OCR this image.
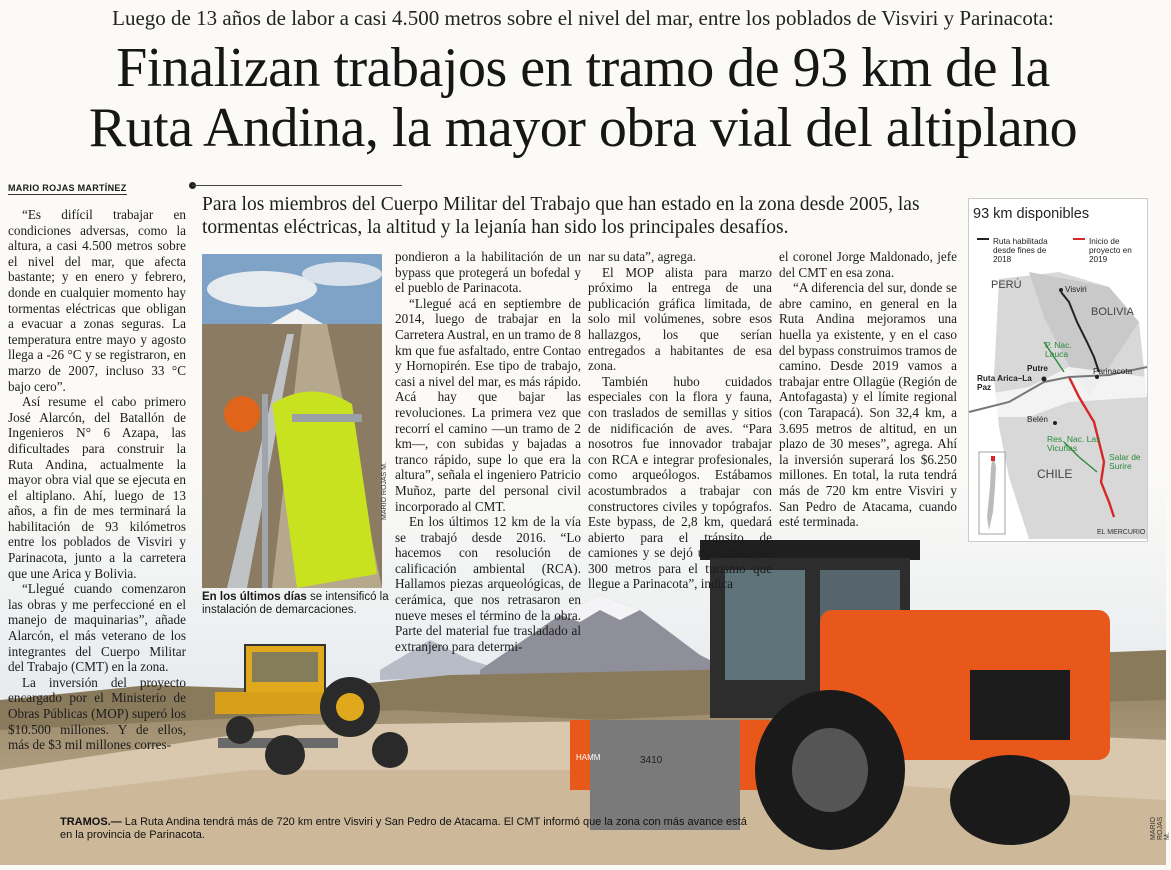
Luego de 13 años de labor a casi 4.500 metros sobre el nivel del mar, entre los poblados de Visviri y Parinacota:
Finalizan trabajos en tramo de 93 km de la
Ruta Andina, la mayor obra vial del altiplano
3410
HAMM
MARIO ROJAS MARTÍNEZ
Para los miembros del Cuerpo Militar del Trabajo que han estado en la zona desde 2005, las tormentas eléctricas, la altitud y la lejanía han sido los principales desafíos.

“Es difícil trabajar en condiciones adversas, como la altura, a casi 4.500 metros sobre el nivel del mar, que afecta bastante; y en enero y febrero, donde en cualquier momento hay tormentas eléctricas que obligan a evacuar a zonas seguras. La temperatura entre mayo y agosto llega a -26 °C y se registraron, en marzo de 2007, incluso 33 °C bajo cero”.

Así resume el cabo primero José Alarcón, del Batallón de Ingenieros N° 6 Azapa, las dificultades para construir la Ruta Andina, actualmente la mayor obra vial que se ejecuta en el altiplano. Ahí, luego de 13 años, a fin de mes terminará la habilitación de 93 kilómetros entre los poblados de Visviri y Parinacota, junto a la carretera que une Arica y Bolivia.

“Llegué cuando comenzaron las obras y me perfeccioné en el manejo de maquinarias”, añade Alarcón, el más veterano de los integrantes del Cuerpo Militar del Trabajo (CMT) en la zona.

La inversión del proyecto encargado por el Ministerio de Obras Públicas (MOP) superó los $10.500 millones. Y de ellos, más de $3 mil millones corres-

MARIO ROJAS M.
En los últimos días se intensificó la instalación de demarcaciones.

pondieron a la habilitación de un bypass que protegerá un bofedal y el pueblo de Parinacota.

“Llegué acá en septiembre de 2014, luego de trabajar en la Carretera Austral, en un tramo de 8 km que fue asfaltado, entre Contao y Hornopirén. Ese tipo de trabajo, casi a nivel del mar, es más rápido. Acá hay que bajar las revoluciones. La primera vez que recorrí el camino —un tramo de 2 km—, con subidas y bajadas a tranco rápido, supe lo que era la altura”, señala el ingeniero Patricio Muñoz, parte del personal civil incorporado al CMT.

En los últimos 12 km de la vía se trabajó desde 2016. “Lo hacemos con resolución de calificación ambiental (RCA). Hallamos piezas arqueológicas, de cerámica, que nos retrasaron en nueve meses el término de la obra. Parte del material fue trasladado al extranjero para determi-

nar su data”, agrega.

El MOP alista para marzo próximo la entrega de una publicación gráfica limitada, de solo mil volúmenes, sobre esos hallazgos, los que serían entregados a habitantes de esa zona.

También hubo cuidados especiales con la flora y fauna, con traslados de semillas y sitios de nidificación de aves. “Para nosotros fue innovador trabajar con RCA e integrar profesionales, como arqueólogos. Estábamos acostumbrados a trabajar con constructores civiles y topógrafos. Este bypass, de 2,8 km, quedará abierto para el tránsito de camiones y se dejó un camino de 300 metros para el turismo que llegue a Parinacota”, indica

el coronel Jorge Maldonado, jefe del CMT en esa zona.

“A diferencia del sur, donde se abre camino, en general en la Ruta Andina mejoramos una huella ya existente, y en el caso del bypass construimos tramos de camino. Desde 2019 vamos a trabajar entre Ollagüe (Región de Antofagasta) y el límite regional (con Tarapacá). Son 32,4 km, a 3.695 metros de altitud, en un plazo de 30 meses”, agrega. Ahí la inversión superará los $6.250 millones. En total, la ruta tendrá más de 720 km entre Visviri y San Pedro de Atacama, cuando esté terminada.

93 km disponibles
Ruta habilitada desde fines de 2018
Inicio de proyecto en 2019
PERÚ
BOLIVIA
Visviri
P. Nac. Lauca
Putre	Parinacota
Ruta Arica–La Paz
Belén
Res. Nac. Las Vicuñas
CHILE
Salar de Surire
EL MERCURIO
TRAMOS.— La Ruta Andina tendrá más de 720 km entre Visviri y San Pedro de Atacama. El CMT informó que la zona con más avance está en la provincia de Parinacota.	MARIO ROJAS M.
